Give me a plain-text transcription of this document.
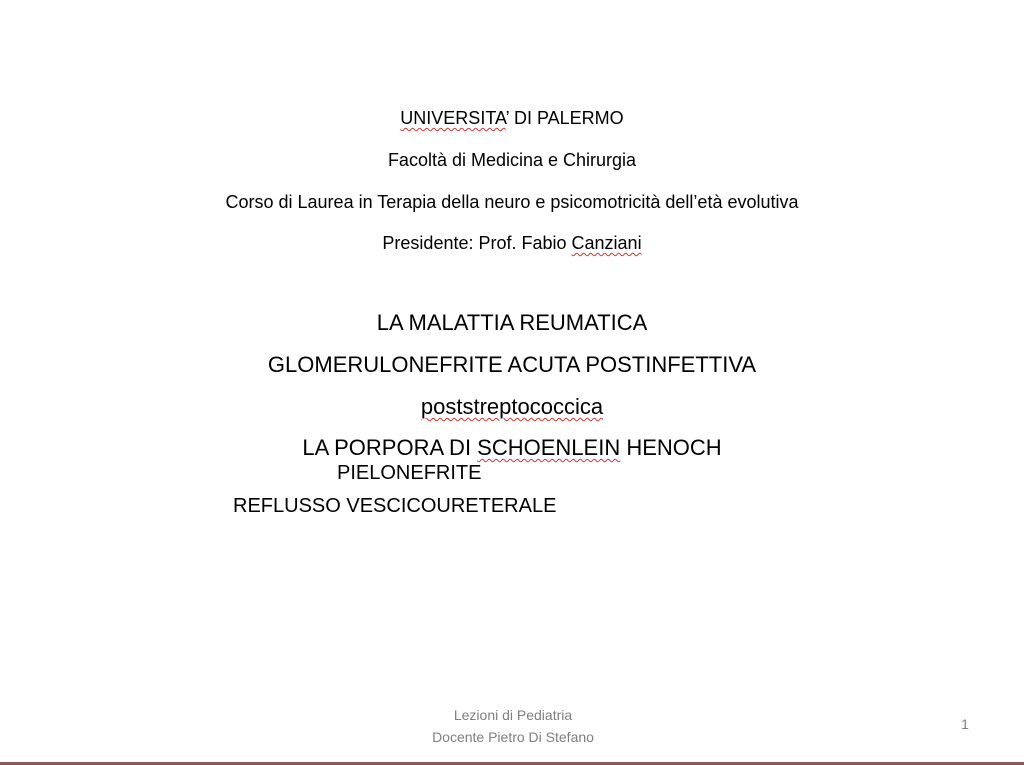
UNIVERSITA’ DI PALERMO
Facoltà di Medicina e Chirurgia
Corso di Laurea in Terapia della neuro e psicomotricità dell’età evolutiva
Presidente: Prof. Fabio Canziani
LA MALATTIA REUMATICA
GLOMERULONEFRITE ACUTA POSTINFETTIVA
poststreptococcica
LA PORPORA DI SCHOENLEIN HENOCH
PIELONEFRITE
REFLUSSO VESCICOURETERALE
Lezioni di Pediatria
Docente Pietro Di Stefano
1
